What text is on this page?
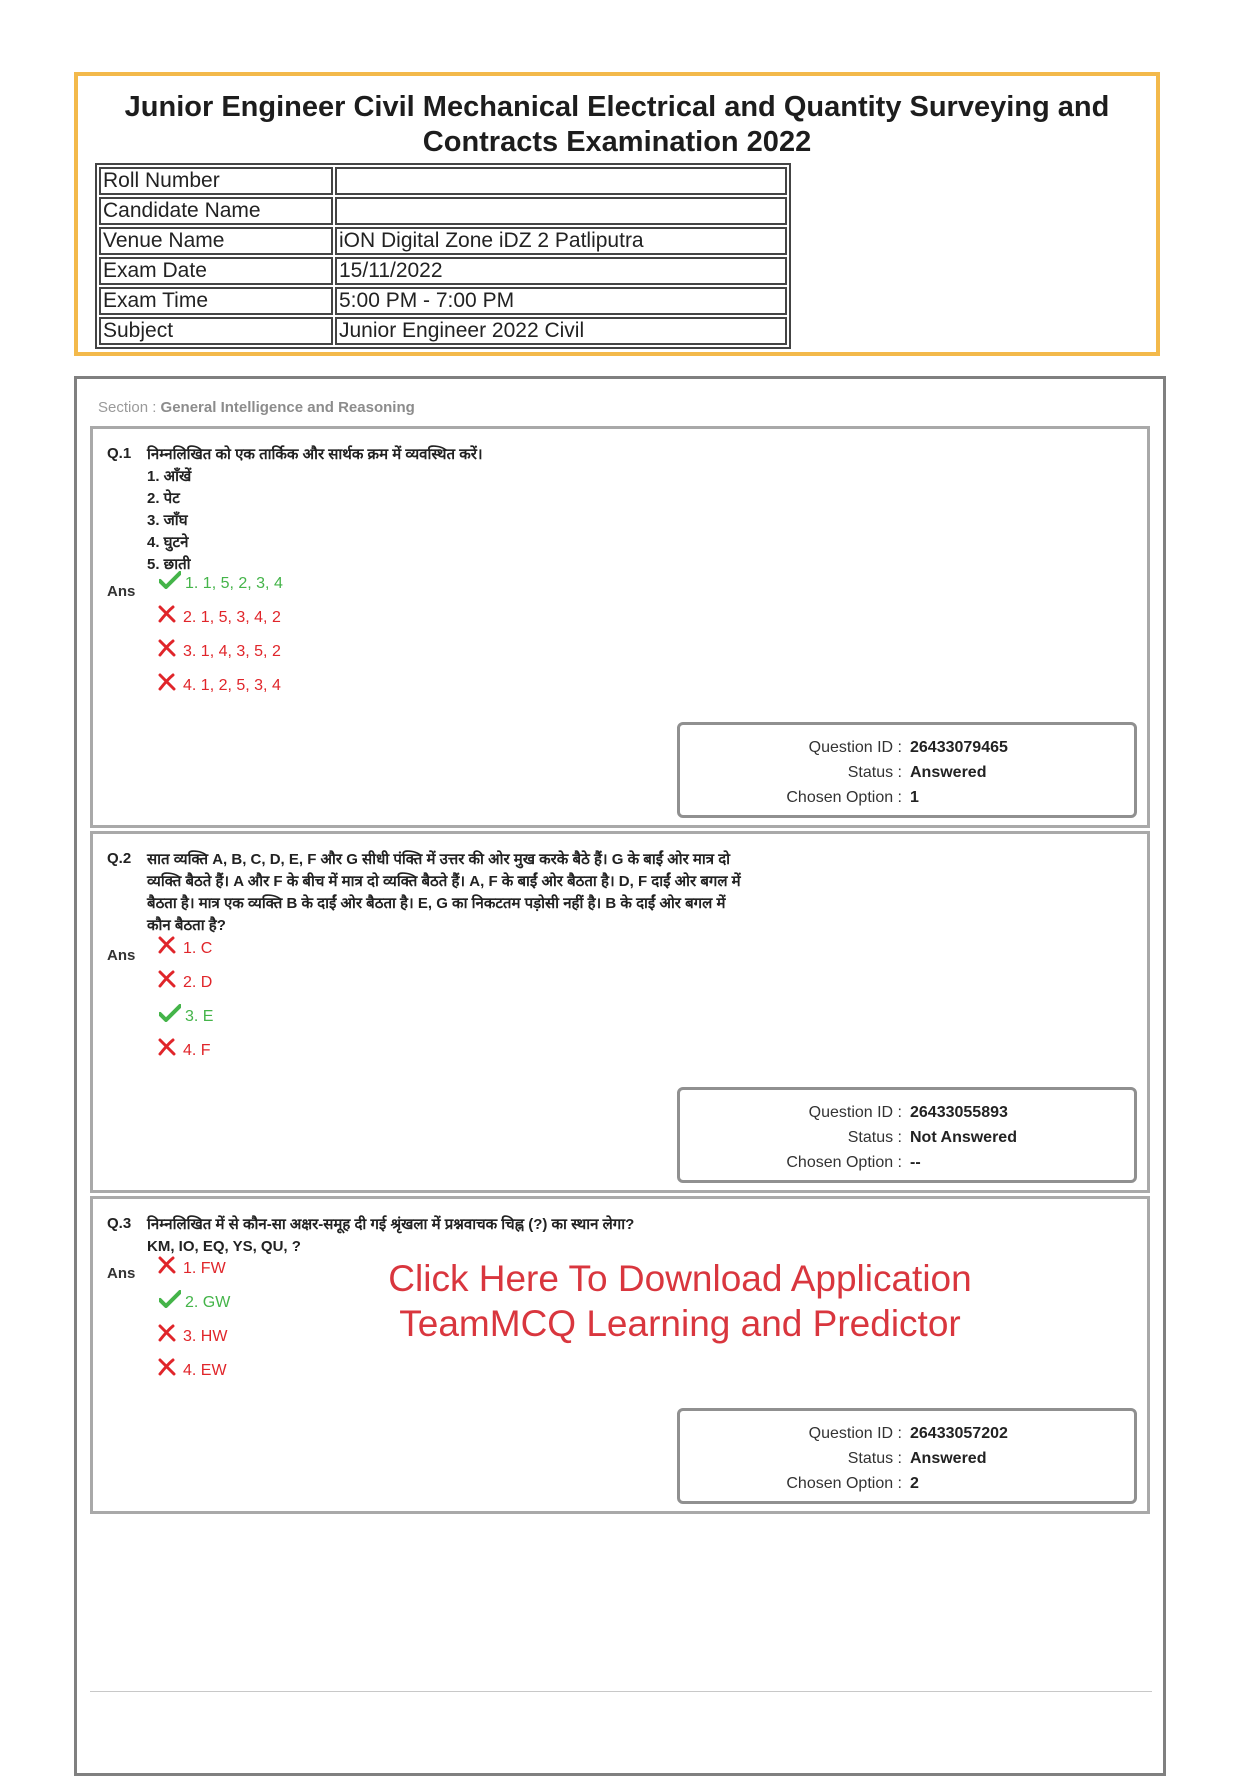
Junior Engineer Civil Mechanical Electrical and Quantity Surveying and
Contracts Examination 2022
Roll Number	
Candidate Name	
Venue Name	iON Digital Zone iDZ 2 Patliputra
Exam Date	15/11/2022
Exam Time	5:00 PM - 7:00 PM
Subject	Junior Engineer 2022 Civil
Section : General Intelligence and Reasoning
Q.1 निम्नलिखित को एक तार्किक और सार्थक क्रम में व्यवस्थित करें।
1. आँखें
2. पेट
3. जाँघ
4. घुटने
5. छाती
Ans	1. 1, 5, 2, 3, 4
2. 1, 5, 3, 4, 2
3. 1, 4, 3, 5, 2
4. 1, 2, 5, 3, 4
Question ID : 26433079465
Status : Answered
Chosen Option : 1
Q.2 सात व्यक्ति A, B, C, D, E, F और G सीधी पंक्ति में उत्तर की ओर मुख करके बैठे हैं। G के बाईं ओर मात्र दो
व्यक्ति बैठते हैं। A और F के बीच में मात्र दो व्यक्ति बैठते हैं। A, F के बाईं ओर बैठता है। D, F दाईं ओर बगल में
बैठता है। मात्र एक व्यक्ति B के दाईं ओर बैठता है। E, G का निकटतम पड़ोसी नहीं है। B के दाईं ओर बगल में
कौन बैठता है?
Ans	1. C
2. D
3. E
4. F
Question ID : 26433055893
Status : Not Answered
Chosen Option : --
Q.3 निम्नलिखित में से कौन-सा अक्षर-समूह दी गई श्रृंखला में प्रश्नवाचक चिह्न (?) का स्थान लेगा?
KM, IO, EQ, YS, QU, ?
Ans	1. FW
2. GW
3. HW
4. EW
Question ID : 26433057202
Status : Answered
Chosen Option : 2
Click Here To Download Application
TeamMCQ Learning and Predictor
